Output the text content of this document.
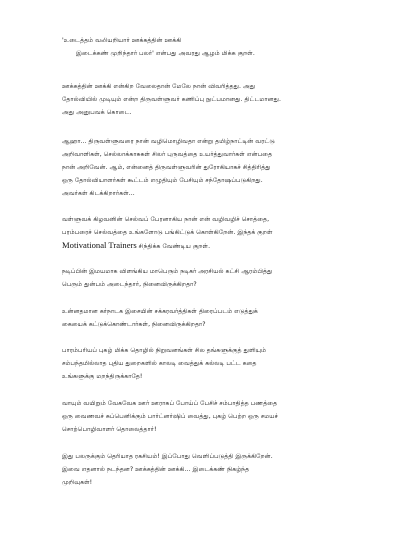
'உடைத்தம் வலியறியார் ஊக்கத்தின் ஊக்கி
இடைக்கண் முறிந்தார் பலர்' என்பது அவரது ஆழம் மிக்க குறள்.
ஊக்கத்தின் ஊக்கி என்கிற வேலைதான் மேலே நான் விவரித்தது. அது
தோல்வியில் முடியும் என்ற திருவள்ளுவர் கணிப்பு நுட்பமானது. திட்டமானது.
அது அனுபவக் கொடை.
ஆஹா... திருவள்ளுவரை நான் வழிமொழிவதா என்று தமிழ்நாட்டின் வரட்டு
அறிவாளிகள், செல்லாக்காசுகள் சிலர் புருவத்தை உயர்த்துவார்கள் என்பதை
நான் அறிவேன். ஆம், என்னைத் திருவள்ளுவரின் துரோகியாகச் சித்திரித்து
ஒரு தோல்வியாளர்கள் கூட்டம் எழுதியும் பேசியும் சந்தோஷப்படுகிறது.
அவர்கள் கிடக்கிறார்கள்...
வள்ளுவக் கிழவனின் செல்வப் பேரனாகிய நான் என் வழிவழிச் சொத்தை,
பரம்பரைச் செல்வத்தை உங்களோடு பங்கிட்டுக் கொள்கிறேன். இந்தக் குறள்
Motivational Trainers சிந்திக்க வேண்டிய குறள்.
நடிப்பின் இமயமாக விளங்கிய மாபெரும் நடிகர் அரசியல் கட்சி ஆரம்பித்து
பெரும் துன்பம் அடைந்தார், நினைவிருக்கிறதா?
உன்னதமான கர்நாடக இசையின் சக்கரவர்த்திகள் திரைப்படம் எடுத்துக்
கையைக் கட்டுக்கொண்டார்கள், நினைவிருக்கிறதா?
பாரம்பரியப் புகழ் மிக்க தொழில் நிறுவனங்கள் சில தங்களுக்குத் துளியும்
சம்பந்தமில்லாத புதிய துறைகளில் காலடி வைத்துக் கல்லடி பட்ட கதை
உங்களுக்கு மறந்திருக்காதே!
வாயும் வயிறும் வேகவேக ஊர் ஊராகப் போய்ப் பேசிச் சம்பாதித்த பணத்தை
ஒரு வைணவச் சுப்பெனிக்கும் பார்ட்னர்ஷிப் வைத்து, புகழ் பெற்ற ஒரு சமயச்
சொற்பொழிவாளர் தொலைத்தார்!
இது பலருக்கும் தெரியாத ரகசியம்! இப்போது வெளிப்படுத்தி இருக்கிறேன்.
இவை எதனால் நடந்தன? ஊக்கத்தின் ஊக்கி... இடைக்கண் நிகழ்ந்த
முறிவுகள்!
